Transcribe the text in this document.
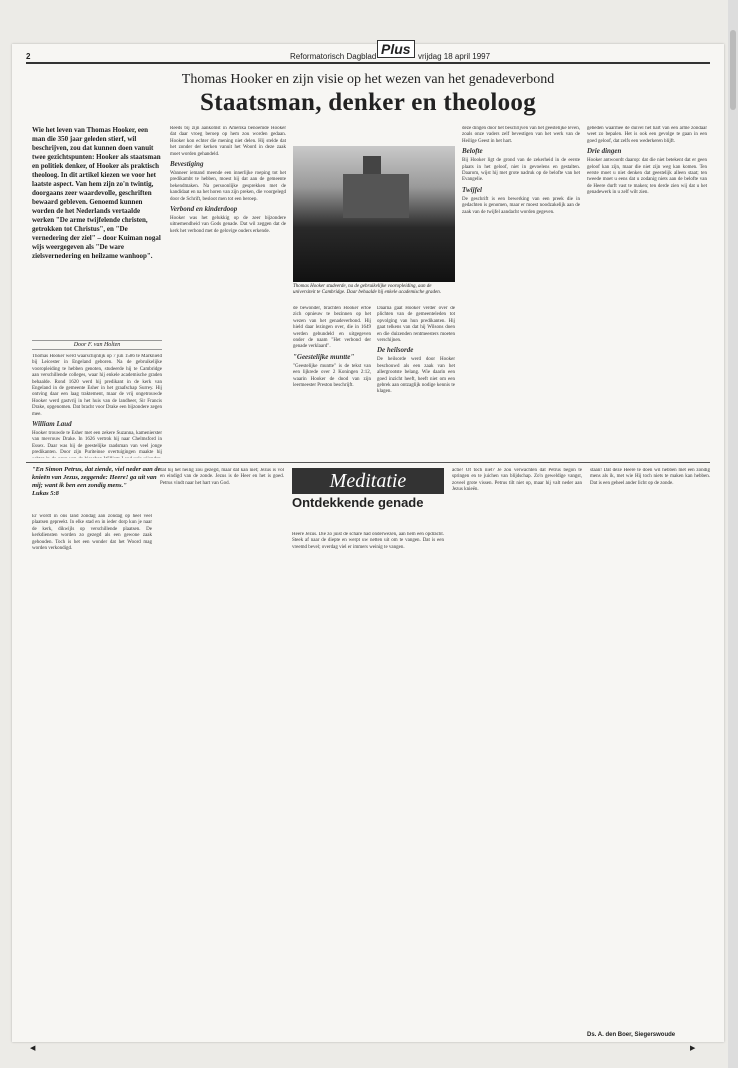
2	Reformatorisch Dagblad Plus vrijdag 18 april 1997
Thomas Hooker en zijn visie op het wezen van het genadeverbond
Staatsman, denker en theoloog
Wie het leven van Thomas Hooker, een man die 350 jaar geleden stierf, wil beschrijven, zou dat kunnen doen vanuit twee gezichtspunten: Hooker als staatsman en politiek denker, of Hooker als praktisch theoloog. In dit artikel kiezen we voor het laatste aspect. Van hem zijn zo'n twintig, doorgaans zeer waardevolle, geschriften bewaard gebleven. Genoemd kunnen worden de het Nederlands vertaalde werken "De arme twijfelende christen, getrokken tot Christus", en "De vernedering der ziel" – door Kuiman nogal wijs weergegeven als "De ware zielsvernedering en heilzame wanhoop".
Door F. van Holten

Thomas Hooker werd waarschijnlijk op 7 juli 1586 te Marknield bij Leicester in Engeland geboren. Na de gebruikelijke vooropleiding te hebben genoten, studeerde hij te Cambridge aan verschillende colleges, waar hij enkele academische graden behaalde. Rond 1620 werd hij predikant in de kerk van Engeland in de gemeente Esher in het graafschap Surrey. Hij ontving daar een laag traktement, maar de vrij ongetrouwde Hooker werd gastvrij in het huis van de landheer, Sir Francis Drake, opgenomen. Dat bracht voor Drake een bijzondere zegen mee.

William Laud

Hooker trouwde te Esher met een zekere Suzanna, kamenierster van mevrouw Drake. In 1626 vertrok hij naar Chelmsford in Essex. Daar was hij de geestelijke raadsman van veel jonge predikanten. Door zijn Puriteinse overtuigingen maakte hij

Reeds bij zijn aankomst in Amerika benoemde Hooker dat daar vroeg beroep op hem zou worden gedaan. Hooker kon echter die mening niet delen. Hij stelde dat het zonder der kerken vanuit het Woord in deze zaak moet worden gehandeld.

Bevestiging

Wanneer iemand meende een innerlijke roeping tot het predikambt te hebben, moest hij dat aan de gemeente bekendmaken. Na persoonlijke gesprekken met de kandidaat en na het horen van zijn preken, die voorgelegd door de Schrift, besloot men tot een beroep.

Verbond en kinderdoop

Hooker was het gelukkig op de zeer bijzondere uitnemendheid van Gods genade. Dat wil zeggen dat de kerk het verbond met de gelovige ouders erkende.

Thomas Hooker studeerde, na de gebruikelijke vooropleiding, aan de universiteit te Cambridge. Daar behaalde hij enkele academische graden.

de bewonder, brachten Hooker ertoe zich opnieuw te bezinnen op het wezen van het genadeverbond. Hij hield daar lezingen over, die in 1649 werden gebundeld en uitgegeven onder de naam "Het verbond der genade verklaard".

"Geestelijke muntte"

"Geestelijke muntte" is de tekst van een lijkrede over 2 Koningen 2:12, waarin Hooker de dood van zijn leermeester Preston beschrijft.

Daarna gaat Hooker verder over de plichten van de gemeenteleden tot opvolging van hun predikanten. Hij gaat telkens van dat hij Wilsons doen en die duizenden rentmeesters moeten verschijnen.

De heilsorde

De heilsorde werd door Hooker beschouwd als een zaak van het allergrootste belang. Wie daarin een goed inzicht heeft, heeft niet om een gebrek aan ontzaglijk nodige kennis te klagen.

deze dingen door het beschrijven van het geestelijke leven, zoals onze vaders zelf bevestigen van het werk van de Heilige Geest in het hart.

Belofte

Bij Hooker ligt de grond van de zekerheid in de eerste plaats in het geloof, niet in gevoelens en gestalten. Daarom, wijst hij met grote nadruk op de belofte van het Evangelie.

Twijfel

De geschrift is een bewerking van een preek die in gedachten is genomen, maar er moest noodzakelijk aan de zaak van de twijfel aandacht worden gegeven.

gebeden waarmee de duivel het hart van een arme zondaar weet zo bepalen. Het is ook een gevolge te gaan in een goed geloof, dat zelfs een wederkeren blijft.

Drie dingen

Hooker antwoordt daarop: dat die niet betekent dat er geen geloof kan zijn, maar die niet zijn weg kan komen. Ten eerste moet u niet denken dat geestelijk alleen staat; ten tweede moet u eens dat u zodanig niets aan de belofte van de Heere durft vast te maken; ten derde zien wij dat u het genadewerk in u zelf wilt zien.

"En Simon Petrus, dat ziende, viel neder aan de knieën van Jezus, zeggende: Heere! ga uit van mij; want ik ben een zondig mens."

Lukas 5:8

Er wordt in ons land zondag aan zondag op heel veel plaatsen gepreekt. In elke stad en in ieder dorp kun je naar de kerk, dikwijls op verschillende plaatsen. De kerkdiensten worden zo gezegd als een gewone zaak gehouden. Toch is het een wonder dat het Woord mag worden verkondigd.

dat hij het heilig zou gezegd, maar dat kan niet; Jezus is vol en eindigd van de zonde. Jezus is de Heer en het is goed. Petrus vindt naar het hart van God.	Meditatie
Ontdekkende genade

Heere Jezus. Die zo juist de schare had onderwezen, aan hem een opdracht. Steek af naar de diepte en werpt uw netten uit om te vangen. Dat is een vreemd bevel; overdag viel er immers weinig te vangen.

actie! Of toch niet? Je zou verwachten dat Petrus begon te springen en te juichen van blijdschap. Zo'n geweldige vangst, zoveel grote vissen. Petrus tilt niet op, maar hij valt neder aan Jezus knieën.

staan! Dat deze Heere te doen wil hebben met een zondig mens als ik, met wie Hij toch niets te maken kan hebben. Dat is een geheel ander licht op de zonde.

Ds. A. den Boer, Siegerswoude
◀	▶
